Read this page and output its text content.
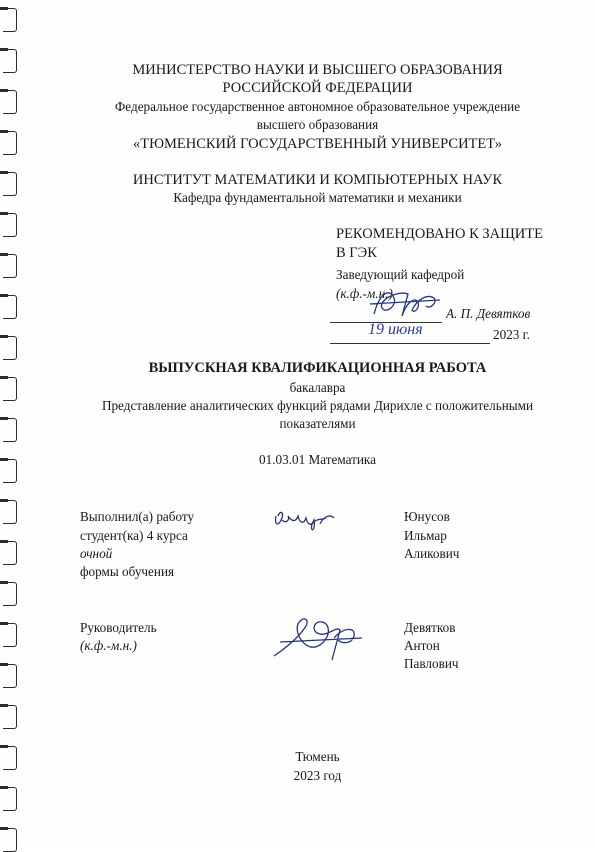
МИНИСТЕРСТВО НАУКИ И ВЫСШЕГО ОБРАЗОВАНИЯ
РОССИЙСКОЙ ФЕДЕРАЦИИ
Федеральное государственное автономное образовательное учреждение
высшего образования
«ТЮМЕНСКИЙ ГОСУДАРСТВЕННЫЙ УНИВЕРСИТЕТ»
ИНСТИТУТ МАТЕМАТИКИ И КОМПЬЮТЕРНЫХ НАУК
Кафедра фундаментальной математики и механики
РЕКОМЕНДОВАНО К ЗАЩИТЕ
В ГЭК
Заведующий кафедрой
(к.ф.-м.н.)
А. П. Девятков
19 июня	2023 г.
ВЫПУСКНАЯ КВАЛИФИКАЦИОННАЯ РАБОТА
бакалавра
Представление аналитических функций рядами Дирихле с положительными
показателями
01.03.01 Математика
Выполнил(а) работу
студент(ка) 4 курса
очной
формы обучения
Юнусов
Ильмар
Аликович
Руководитель
(к.ф.-м.н.)
Девятков
Антон
Павлович
Тюмень
2023 год
